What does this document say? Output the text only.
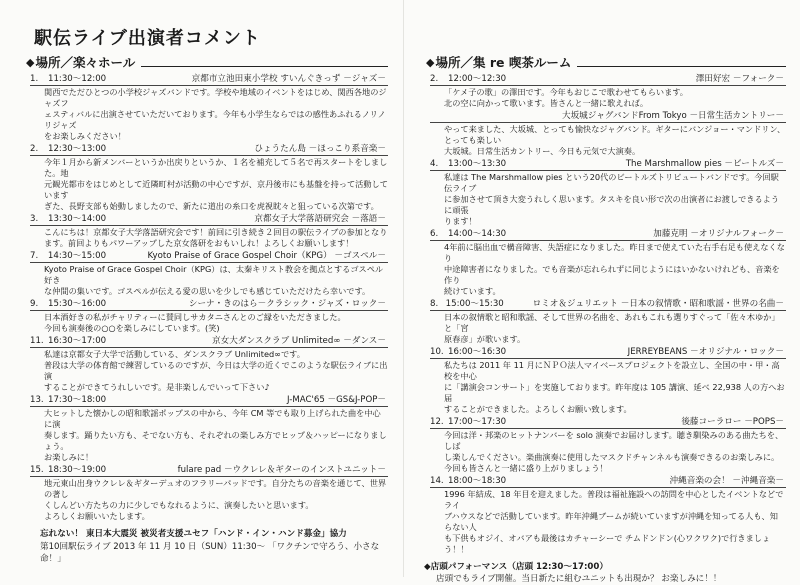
駅伝ライブ出演者コメント
◆ 場所／楽々ホール
1.	11:30～12:00	京都市立池田東小学校 すいんぐきっず －ジャズ－
関西でただひとつの小学校ジャズバンドです。学校や地域のイベントをはじめ、関西各地のジャズフ
ェスティバルに出演させていただいております。今年も小学生ならではの感性あふれるノリノリジャズ
をお楽しみください！
2.	12:30～13:00	ひょうたん島 －ほっこり系音楽－
今年１月から新メンバーというか出戻りというか、１名を補充して５名で再スタートをしました。地
元観光都市をはじめとして近隣町村が活動の中心ですが、京丹後市にも基盤を持って活動しています
ぎた、長野支部も始動しましたので、新たに道出の糸口を虎視眈々と狙っている次第です。
3.	13:30～14:00	京都女子大学落語研究会 －落語－
こんにちは！京都女子大学落語研究会です！前回に引き続き２回目の駅伝ライブの参加となり
ます。前回よりもパワーアップした京女落研をおもいしれ！よろしくお願いします！
7.	14:30～15:00	Kyoto Praise of Grace Gospel Choir（KPG） －ゴスペル－
Kyoto Praise of Grace Gospel Choir（KPG）は、太秦キリスト教会を拠点とするゴスペル好き
な仲間の集いです。ゴスペルが伝える愛の思いを少しでも感じていただけたら幸いです。
9.	15:30～16:00	シーナ・きのはら－クラシック・ジャズ・ロック－
日本酒好きの私がチャリティーに賛同しサカタニさんとのご縁をいただきました。
今回も演奏後の○○を楽しみにしています。(笑)
11. 16:30～17:00	京女大ダンスクラブ Unlimited∞ －ダンス－
私達は京都女子大学で活動している、ダンスクラブ Unlimited∞です。
普段は大学の体育館で練習しているのですが、今日は大学の近くでこのような駅伝ライブに出演
することができてうれしいです。是非楽しんでいって下さい♪
13. 17:30～18:00	J-MAC'65 －GS&J-POP－
大ヒットした懐かしの昭和歌謡ポップスの中から、今年 CM 等でも取り上げられた曲を中心に演
奏します。踊りたい方も、そでない方も、それぞれの楽しみ方でヒップ＆ハッピーになりましょう。
お楽しみに！
15. 18:30～19:00	fulare pad －ウクレレ＆ギターのインストユニット－
地元東山出身ウクレレ＆ギターデュオのフラリーパッドです。自分たちの音楽を通じて、世界の著し
くしんどい方たちの力に少しでもなれるように、演奏したいと思います。
よろしくお願いいたします。
忘れない！ 東日本大震災 被災者支援ユセフ「ハンド・イン・ハンド募金」協力
第10回駅伝ライブ 2013 年 11 月 10 日（SUN）11:30～ 「ワクチンで守ろう、小さな命！」
◆ 場所／集 re 喫茶ルーム
2.	12:00～12:30	澤田好宏 －フォーク－
「ケメ子の歌」の澤田です。今年もおじこで歌わせてもらいます。
北の空に向かって歌います。皆さんと一緒に歌えれば。
大坂城ジャグバンドFrom Tokyo －日常生活カントリー－
やって来ました、大坂城、とっても愉快なジャグバンド。ギターにバンジョー・マンドリン、とっても楽しい
大坂城。日常生活カントリー、今日も元気で大演奏。
4.	13:00～13:30	The Marshmallow pies －ビートルズ－
私達は The Marshmallow pies という20代のビートルズトリビュートバンドです。今回駅伝ライブ
に参加させて頂き大変うれしく思います。タスキを良い形で次の出演者にお渡しできるように頑張
ります！
6.	14:00～14:30	加藤克明 －オリジナルフォーク－
4年前に脳出血で構音障害、失語症になりました。昨日まで使えていた右手右足も使えなくなり
中途障害者になりました。でも音楽が忘れられずに同じようにはいかないけれども、音楽を作り
続けています。
8. 15:00～15:30	ロミオ＆ジュリエット －日本の叙情歌・昭和歌謡・世界の名曲－
日本の叙情歌と昭和歌謡、そして世界の名曲を、あれもこれも選りすぐって「佐々木ゆか」と「宮
原春彦」が歌います。
10. 16:00～16:30	JERREYBEANS －オリジナル・ロック－
私たちは 2011 年 11 月にＮＰＯ法人マイベースプロジェクトを設立し、全国の中・甲・高校を中心
に「講演会コンサート」を実施しております。昨年度は 105 講演、延べ 22,938 人の方へお届
することができました。よろしくお願い致します。
12. 17:00～17:30	後藤コーラロー －POPS－
今回は洋・邦楽のヒットナンバーを solo 演奏でお届けします。聴き馴染みのある曲たちを、しば
し楽しんでください。楽曲演奏に使用したマスクドチャンネルも演奏できるのお楽しみに。
今回も皆さんと一緒に盛り上がりましょう！
14. 18:00～18:30	沖縄音楽の会！ －沖縄音楽－
1996 年結成、18 年目を迎えました。普段は福祉施設への訪問を中心としたイベントなどでライ
ブハウスなどで活動しています。昨年沖縄ブームが続いていますが沖縄を知ってる人も、知らない人
も下供もオジイ、オバアも最後はカチャーシーで チムドンドン(心ワクワク)で行きましょう！！
◆店頭パフォーマンス（店頭 12:30～17:00）
店頭でもライブ開催。当日新たに組むユニットも出現か？ お楽しみに！！
